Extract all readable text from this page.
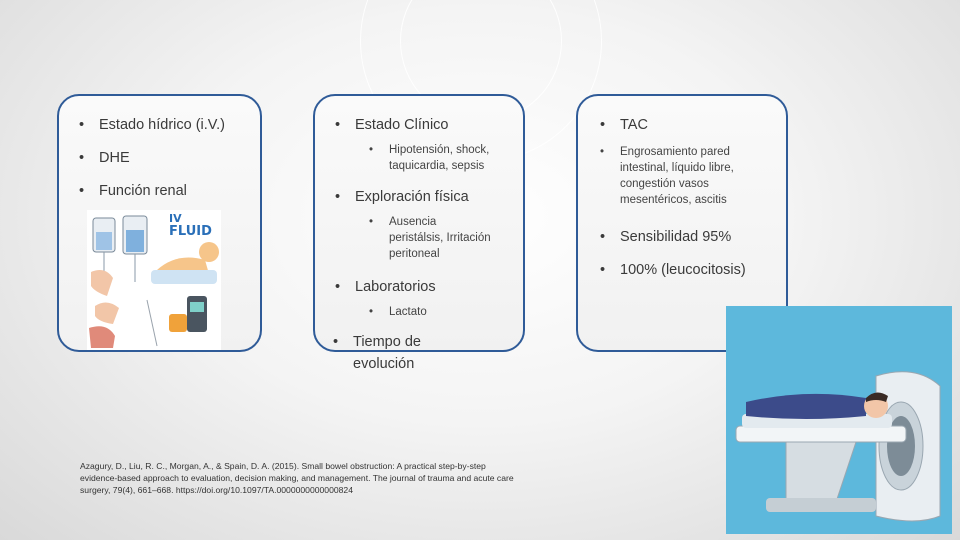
• Estado hídrico (i.V.)
• DHE
• Función renal
IV
FLUID
• Estado Clínico
• Hipotensión, shock,
taquicardia, sepsis
• Exploración física
• Ausencia
peristálsis, Irritación
peritoneal
• Laboratorios
• Lactato
• Tiempo de
evolución
• TAC
• Engrosamiento pared
intestinal, líquido libre,
congestión vasos
mesentéricos, ascitis
• Sensibilidad 95%
• 100% (leucocitosis)
Azagury, D., Liu, R. C., Morgan, A., & Spain, D. A. (2015). Small bowel obstruction: A practical step-by-step
evidence-based approach to evaluation, decision making, and management. The journal of trauma and acute care
surgery, 79(4), 661–668. https://doi.org/10.1097/TA.0000000000000824
